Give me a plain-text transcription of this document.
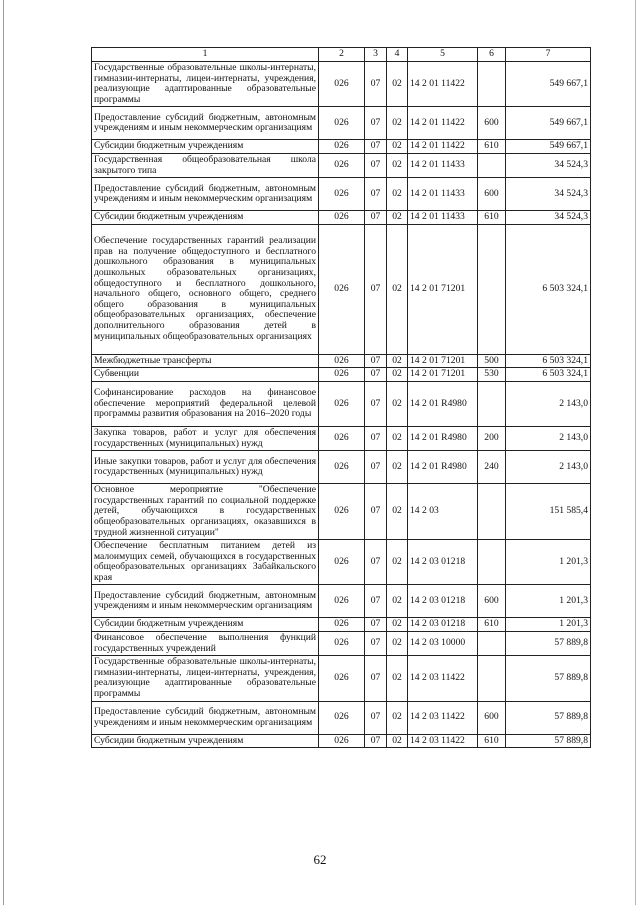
1	2	3	4	5	6	7
Государственные образовательные школы-интернаты, гимназии-интернаты, лицеи-интернаты, учреждения, реализующие адаптированные образовательные программы	026	07	02	14 2 01 11422		549 667,1
Предоставление субсидий бюджетным, автономным учреждениям и иным некоммерческим организациям	026	07	02	14 2 01 11422	600	549 667,1
Субсидии бюджетным учреждениям	026	07	02	14 2 01 11422	610	549 667,1
Государственная общеобразовательная школа закрытого типа	026	07	02	14 2 01 11433		34 524,3
Предоставление субсидий бюджетным, автономным учреждениям и иным некоммерческим организациям	026	07	02	14 2 01 11433	600	34 524,3
Субсидии бюджетным учреждениям	026	07	02	14 2 01 11433	610	34 524,3
Обеспечение государственных гарантий реализации прав на получение общедоступного и бесплатного дошкольного образования в муниципальных дошкольных образовательных организациях, общедоступного и бесплатного дошкольного, начального общего, основного общего, среднего общего образования в муниципальных общеобразовательных организациях, обеспечение дополнительного образования детей в муниципальных общеобразовательных организациях	026	07	02	14 2 01 71201		6 503 324,1
Межбюджетные трансферты	026	07	02	14 2 01 71201	500	6 503 324,1
Субвенции	026	07	02	14 2 01 71201	530	6 503 324,1
Софинансирование расходов на финансовое обеспечение мероприятий федеральной целевой программы развития образования на 2016–2020 годы	026	07	02	14 2 01 R4980		2 143,0
Закупка товаров, работ и услуг для обеспечения государственных (муниципальных) нужд	026	07	02	14 2 01 R4980	200	2 143,0
Иные закупки товаров, работ и услуг для обеспечения государственных (муниципальных) нужд	026	07	02	14 2 01 R4980	240	2 143,0
Основное мероприятие "Обеспечение государственных гарантий по социальной поддержке детей, обучающихся в государственных общеобразовательных организациях, оказавшихся в трудной жизненной ситуации"	026	07	02	14 2 03		151 585,4
Обеспечение бесплатным питанием детей из малоимущих семей, обучающихся в государственных общеобразовательных организациях Забайкальского края	026	07	02	14 2 03 01218		1 201,3
Предоставление субсидий бюджетным, автономным учреждениям и иным некоммерческим организациям	026	07	02	14 2 03 01218	600	1 201,3
Субсидии бюджетным учреждениям	026	07	02	14 2 03 01218	610	1 201,3
Финансовое обеспечение выполнения функций государственных учреждений	026	07	02	14 2 03 10000		57 889,8
Государственные образовательные школы-интернаты, гимназии-интернаты, лицеи-интернаты, учреждения, реализующие адаптированные образовательные программы	026	07	02	14 2 03 11422		57 889,8
Предоставление субсидий бюджетным, автономным учреждениям и иным некоммерческим организациям	026	07	02	14 2 03 11422	600	57 889,8
Субсидии бюджетным учреждениям	026	07	02	14 2 03 11422	610	57 889,8
62
